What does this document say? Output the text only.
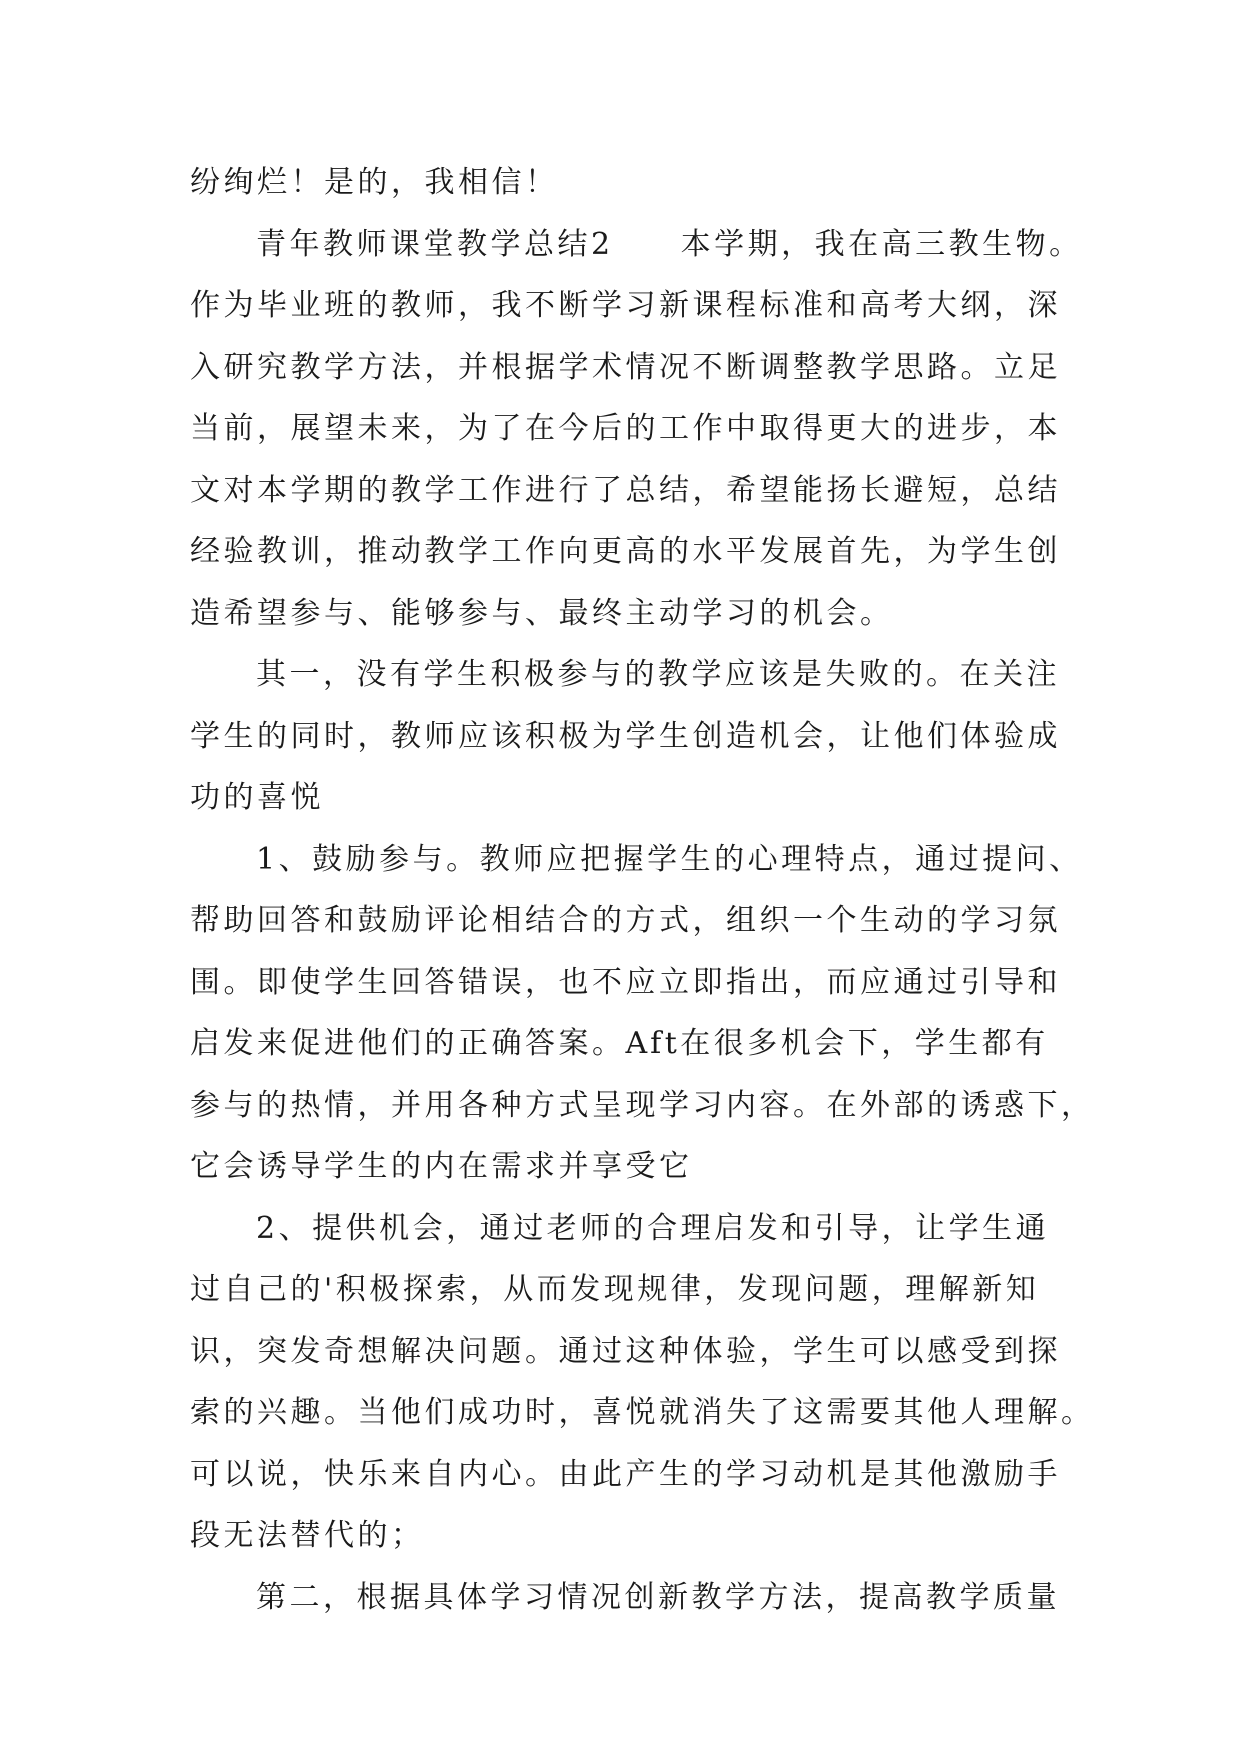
纷绚烂！是的，我相信！
青年教师课堂教学总结2　　本学期，我在高三教生物。
作为毕业班的教师，我不断学习新课程标准和高考大纲，深
入研究教学方法，并根据学术情况不断调整教学思路。立足
当前，展望未来，为了在今后的工作中取得更大的进步，本
文对本学期的教学工作进行了总结，希望能扬长避短，总结
经验教训，推动教学工作向更高的水平发展首先，为学生创
造希望参与、能够参与、最终主动学习的机会。
其一，没有学生积极参与的教学应该是失败的。在关注
学生的同时，教师应该积极为学生创造机会，让他们体验成
功的喜悦
1、鼓励参与。教师应把握学生的心理特点，通过提问、
帮助回答和鼓励评论相结合的方式，组织一个生动的学习氛
围。即使学生回答错误，也不应立即指出，而应通过引导和
启发来促进他们的正确答案。Aft在很多机会下，学生都有
参与的热情，并用各种方式呈现学习内容。在外部的诱惑下，
它会诱导学生的内在需求并享受它
2、提供机会，通过老师的合理启发和引导，让学生通
过自己的'积极探索，从而发现规律，发现问题，理解新知
识，突发奇想解决问题。通过这种体验，学生可以感受到探
索的兴趣。当他们成功时，喜悦就消失了这需要其他人理解。
可以说，快乐来自内心。由此产生的学习动机是其他激励手
段无法替代的；
第二，根据具体学习情况创新教学方法，提高教学质量
